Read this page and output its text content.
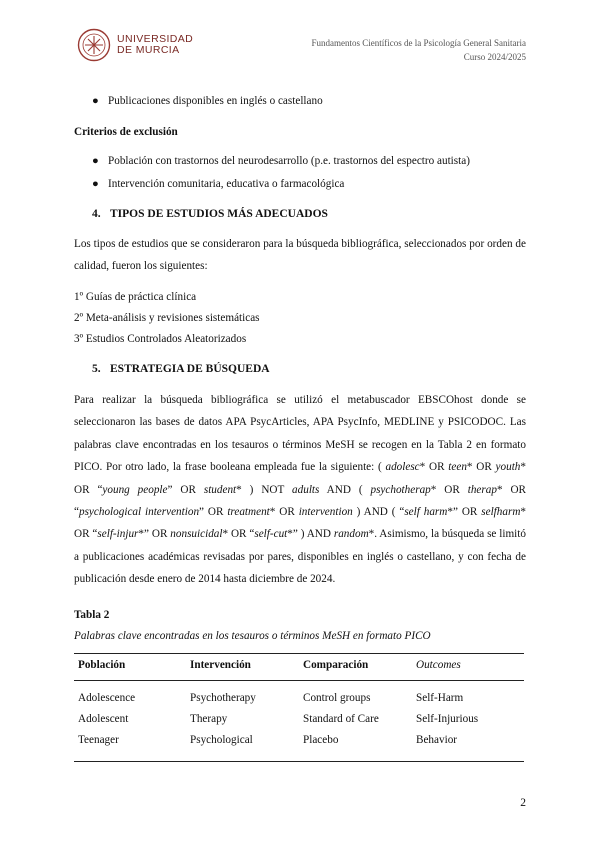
UNIVERSIDAD
DE MURCIA
Fundamentos Científicos de la Psicología General Sanitaria
Curso 2024/2025
● Publicaciones disponibles en inglés o castellano
Criterios de exclusión
● Población con trastornos del neurodesarrollo (p.e. trastornos del espectro autista)
● Intervención comunitaria, educativa o farmacológica
4. TIPOS DE ESTUDIOS MÁS ADECUADOS
Los tipos de estudios que se consideraron para la búsqueda bibliográfica, seleccionados por orden de calidad, fueron los siguientes:
1º Guías de práctica clínica
2º Meta-análisis y revisiones sistemáticas
3º Estudios Controlados Aleatorizados
5. ESTRATEGIA DE BÚSQUEDA
Para realizar la búsqueda bibliográfica se utilizó el metabuscador EBSCOhost donde se seleccionaron las bases de datos APA PsycArticles, APA PsycInfo, MEDLINE y PSICODOC. Las palabras clave encontradas en los tesauros o términos MeSH se recogen en la Tabla 2 en formato PICO. Por otro lado, la frase booleana empleada fue la siguiente: ( adolesc* OR teen* OR youth* OR “young people” OR student* ) NOT adults AND ( psychotherap* OR therap* OR “psychological intervention” OR treatment* OR intervention ) AND ( “self harm*” OR selfharm* OR “self-injur*” OR nonsuicidal* OR “self-cut*” ) AND random*. Asimismo, la búsqueda se limitó a publicaciones académicas revisadas por pares, disponibles en inglés o castellano, y con fecha de publicación desde enero de 2014 hasta diciembre de 2024.
Tabla 2
Palabras clave encontradas en los tesauros o términos MeSH en formato PICO
Población	Intervención	Comparación	Outcomes
Adolescence	Psychotherapy	Control groups	Self-Harm
Adolescent	Therapy	Standard of Care	Self-Injurious
Teenager	Psychological	Placebo	Behavior
2
